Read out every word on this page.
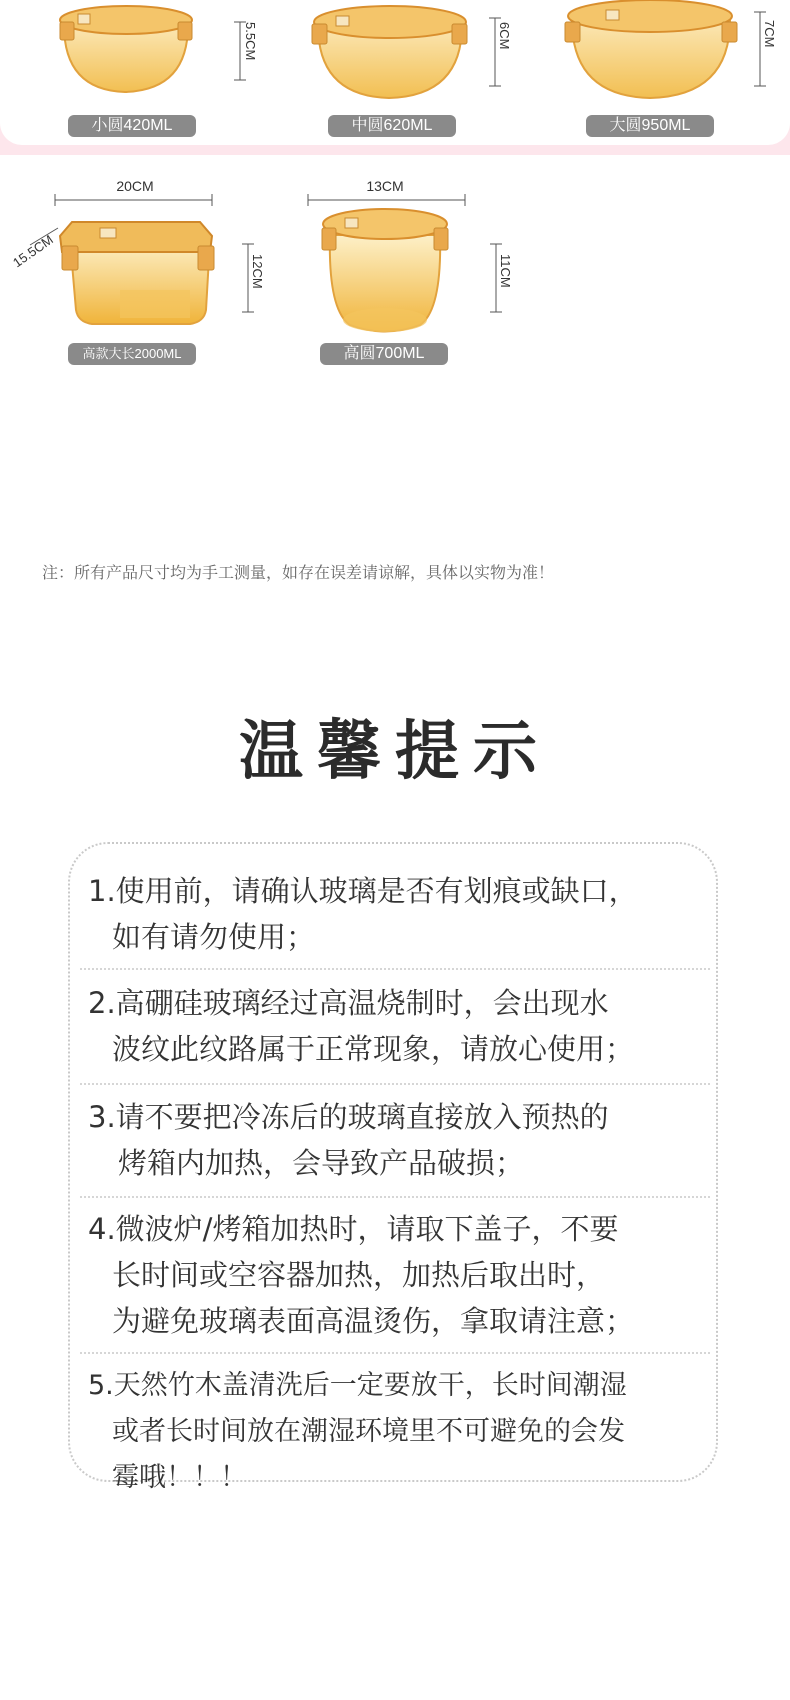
5.5CM	6CM	7CM
12CM	11CM
20CM	13CM
15.5CM
小圆420ML	中圆620ML	大圆950ML
高款大长2000ML	高圆700ML
注：所有产品尺寸均为手工测量，如存在误差请谅解，具体以实物为准！
温馨提示
1.使用前，请确认玻璃是否有划痕或缺口，
如有请勿使用；
2.高硼硅玻璃经过高温烧制时，会出现水
波纹此纹路属于正常现象，请放心使用；
3.请不要把冷冻后的玻璃直接放入预热的
烤箱内加热，会导致产品破损；
4.微波炉/烤箱加热时，请取下盖子，不要
长时间或空容器加热，加热后取出时，
为避免玻璃表面高温烫伤，拿取请注意；
5.天然竹木盖清洗后一定要放干，长时间潮湿
或者长时间放在潮湿环境里不可避免的会发
霉哦！！！
